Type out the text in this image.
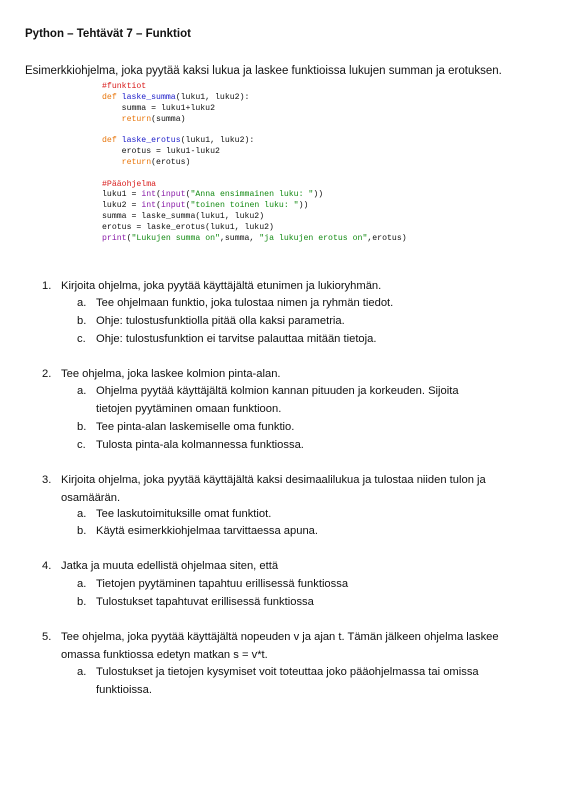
Python – Tehtävät 7 – Funktiot
Esimerkkiohjelma, joka pyytää kaksi lukua ja laskee funktioissa lukujen summan ja erotuksen.
#funktiot
def laske_summa(luku1, luku2):
summa = luku1+luku2
return(summa)

def laske_erotus(luku1, luku2):
erotus = luku1-luku2
return(erotus)

#Pääohjelma
luku1 = int(input("Anna ensimmainen luku: "))
luku2 = int(input("toinen toinen luku: "))
summa = laske_summa(luku1, luku2)
erotus = laske_erotus(luku1, luku2)
print("Lukujen summa on",summa, "ja lukujen erotus on",erotus)
1. Kirjoita ohjelma, joka pyytää käyttäjältä etunimen ja lukioryhmän.
a. Tee ohjelmaan funktio, joka tulostaa nimen ja ryhmän tiedot.
b. Ohje: tulostusfunktiolla pitää olla kaksi parametria.
c. Ohje: tulostusfunktion ei tarvitse palauttaa mitään tietoja.
2. Tee ohjelma, joka laskee kolmion pinta-alan.
a. Ohjelma pyytää käyttäjältä kolmion kannan pituuden ja korkeuden. Sijoita
tietojen pyytäminen omaan funktioon.
b. Tee pinta-alan laskemiselle oma funktio.
c. Tulosta pinta-ala kolmannessa funktiossa.
3. Kirjoita ohjelma, joka pyytää käyttäjältä kaksi desimaalilukua ja tulostaa niiden tulon ja
osamäärän.
a. Tee laskutoimituksille omat funktiot.
b. Käytä esimerkkiohjelmaa tarvittaessa apuna.
4. Jatka ja muuta edellistä ohjelmaa siten, että
a. Tietojen pyytäminen tapahtuu erillisessä funktiossa
b. Tulostukset tapahtuvat erillisessä funktiossa
5. Tee ohjelma, joka pyytää käyttäjältä nopeuden v ja ajan t. Tämän jälkeen ohjelma laskee
omassa funktiossa edetyn matkan s = v*t.
a. Tulostukset ja tietojen kysymiset voit toteuttaa joko pääohjelmassa tai omissa
funktioissa.
